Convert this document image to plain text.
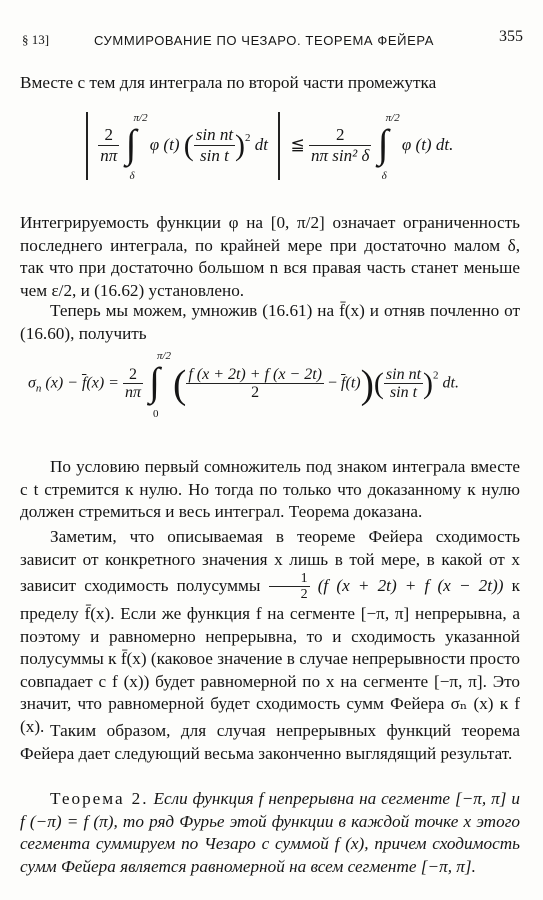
§ 13]	СУММИРОВАНИЕ ПО ЧЕЗАРО. ТЕОРЕМА ФЕЙЕРА	355
Вместе с тем для интеграла по второй части промежутка

$\frac{2}{n\pi}$
∫
π/2
δ
φ (t) ( $\frac{\text{sin nt}}{\text{sin t}} )^2$ dt ≦ $\frac{2}{\text{nπ sin² δ}}$
∫
π/2
δ
φ (t) dt.
Интегрируемость функции φ на [0, π/2] означает ограниченность последнего интеграла, по крайней мере при достаточно малом δ, так что при достаточно большом n вся правая часть станет меньше чем ε/2, и (16.62) установлено.
Теперь мы можем, умножив (16.61) на f̄(x) и отняв почленно от (16.60), получить
$\sigma_n$ $(x) - \overline{f}(x) = \frac{2}{n\pi}$
∫
π/2
0
( $\frac{f (x + 2t) + f (x - 2t)}{2} - \overline{f}(t))( \frac{\text{sin nt}}{\text{sin t}} )^2$ dt.
По условию первый сомножитель под знаком интеграла вместе с t стремится к нулю. Но тогда по только что доказанному к нулю должен стремиться и весь интеграл. Теорема доказана.
Заметим, что описываемая в теореме Фейера сходимость зависит от конкретного значения x лишь в той мере, в какой от x зависит сходимость полусуммы $\frac{1}{2} (f$ (x + 2t) + f (x − 2t)) к пределу f̄(x). Если же функция f на сегменте [−π, π] непрерывна, а поэтому и равномерно непрерывна, то и сходимость указанной полусуммы к f̄(x) (каковое значение в случае непрерывности просто совпадает с f (x)) будет равномерной по x на сегменте [−π, π]. Это значит, что равномерной будет сходимость сумм Фейера σₙ (x) к f (x). Таким образом, для случая непрерывных функций теорема Фейера дает следующий весьма законченно выглядящий результат.
Теорема 2. Если функция f непрерывна на сегменте [−π, π] и f (−π) = f (π), то ряд Фурье этой функции в каждой точке x этого сегмента суммируем по Чезаро с суммой f (x), причем сходимость сумм Фейера является равномерной на всем сегменте [−π, π].
